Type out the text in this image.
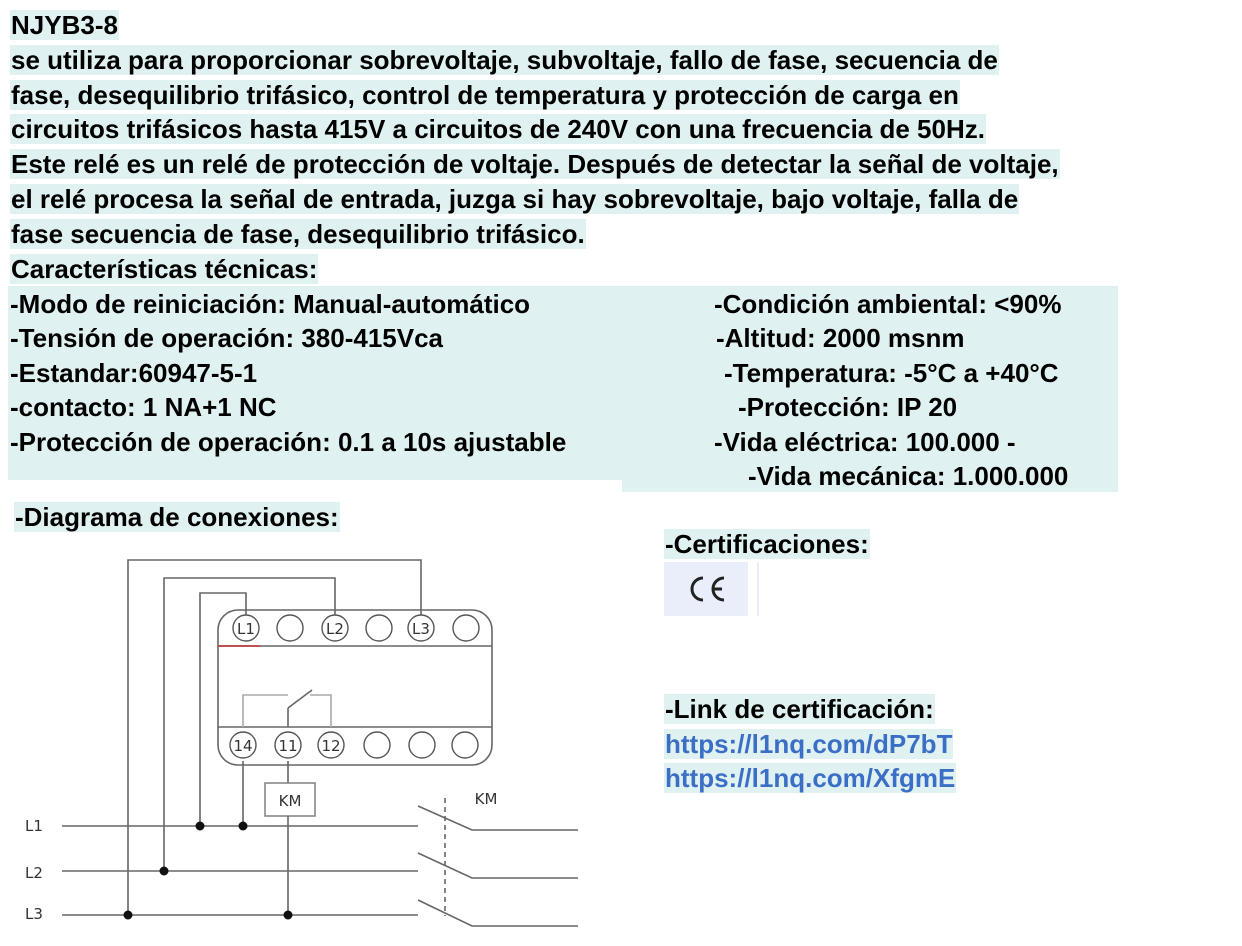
NJYB3-8
se utiliza para proporcionar sobrevoltaje, subvoltaje, fallo de fase, secuencia de
fase, desequilibrio trifásico, control de temperatura y protección de carga en
circuitos trifásicos hasta 415V a circuitos de 240V con una frecuencia de 50Hz.
Este relé es un relé de protección de voltaje. Después de detectar la señal de voltaje,
el relé procesa la señal de entrada, juzga si hay sobrevoltaje, bajo voltaje, falla de
fase secuencia de fase, desequilibrio trifásico.
Características técnicas:
-Modo de reiniciación: Manual-automático
-Tensión de operación: 380-415Vca
-Estandar:60947-5-1
-contacto: 1 NA+1 NC
-Protección de operación: 0.1 a 10s ajustable
-Condición ambiental: <90%
-Altitud: 2000 msnm
-Temperatura: -5°C a +40°C
-Protección: IP 20
-Vida eléctrica: 100.000 -
-Vida mecánica: 1.000.000
-Diagrama de conexiones:
L1	L2	L3
14 11 12
KM	KM
L1
L2
L3
-Certificaciones:
-Link de certificación:
https://l1nq.com/dP7bT
https://l1nq.com/XfgmE
